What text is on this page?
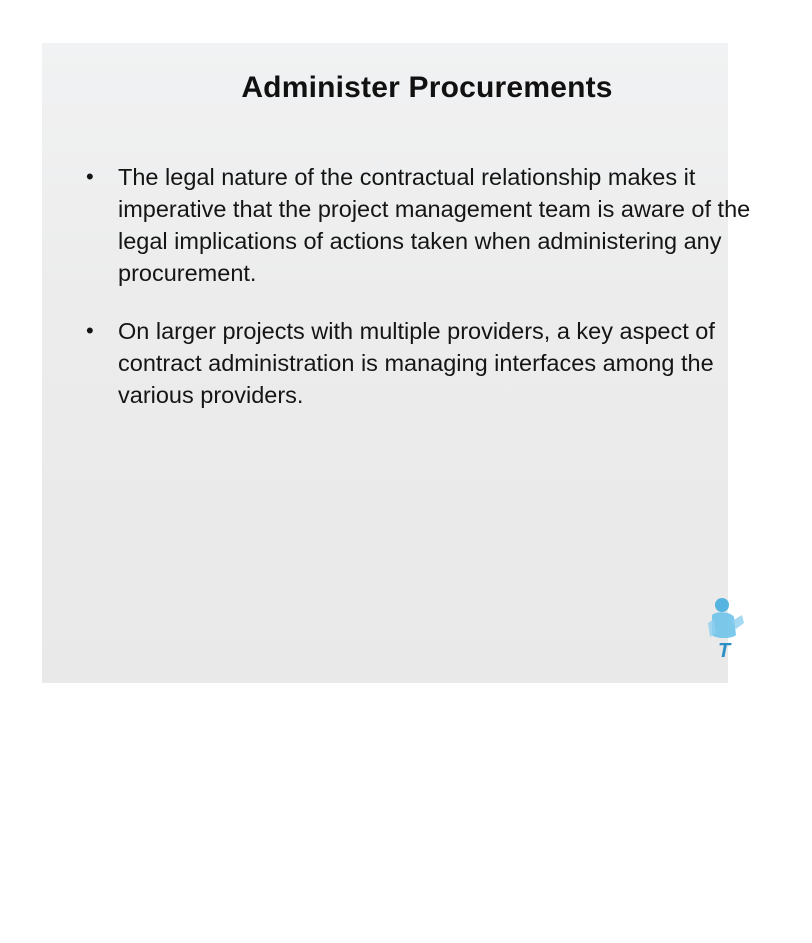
Administer Procurements
• The legal nature of the contractual relationship makes it
imperative that the project management team is aware of the
legal implications of actions taken when administering any
procurement.
• On larger projects with multiple providers, a key aspect of
contract administration is managing interfaces among the
various providers.
T
